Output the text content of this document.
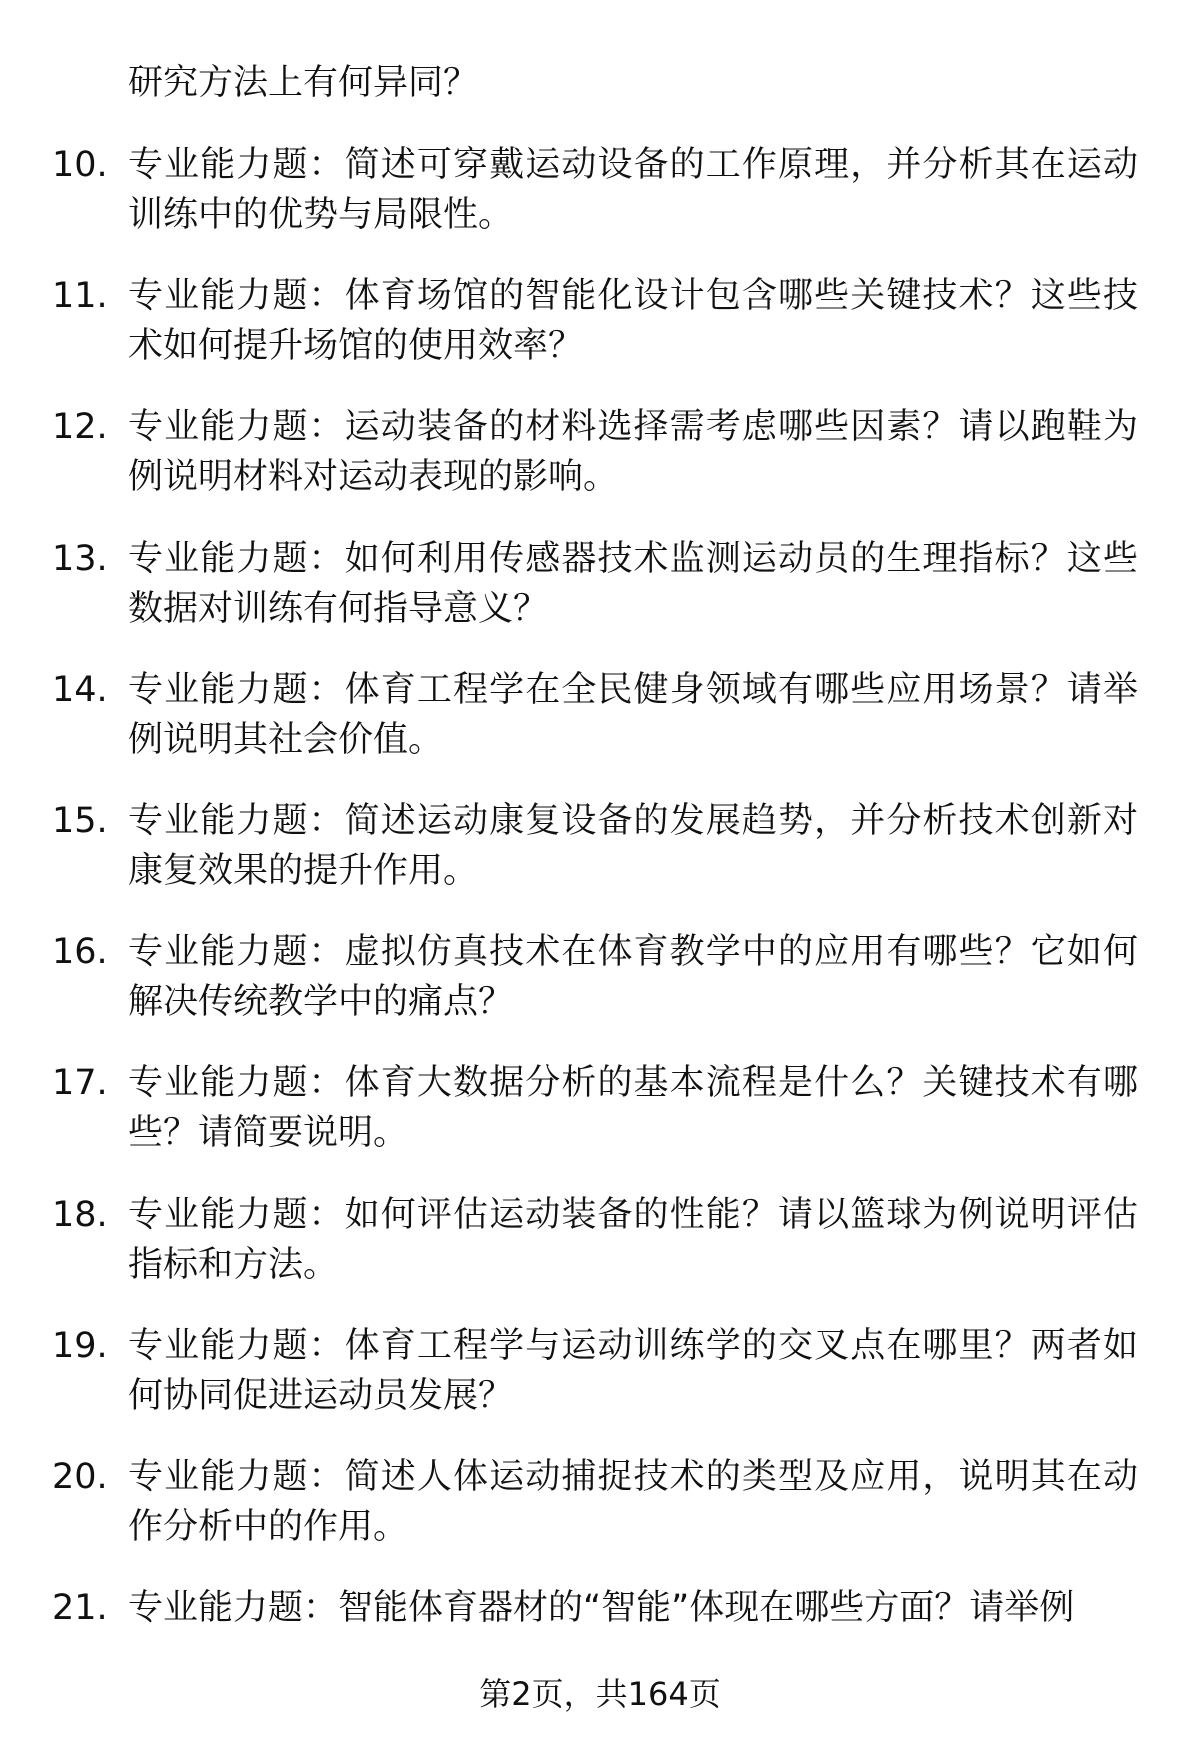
研究方法上有何异同？
10. 专业能力题：简述可穿戴运动设备的工作原理，并分析其在运动训练中的优势与局限性。
11. 专业能力题：体育场馆的智能化设计包含哪些关键技术？这些技术如何提升场馆的使用效率？
12. 专业能力题：运动装备的材料选择需考虑哪些因素？请以跑鞋为例说明材料对运动表现的影响。
13. 专业能力题：如何利用传感器技术监测运动员的生理指标？这些数据对训练有何指导意义？
14. 专业能力题：体育工程学在全民健身领域有哪些应用场景？请举例说明其社会价值。
15. 专业能力题：简述运动康复设备的发展趋势，并分析技术创新对康复效果的提升作用。
16. 专业能力题：虚拟仿真技术在体育教学中的应用有哪些？它如何解决传统教学中的痛点？
17. 专业能力题：体育大数据分析的基本流程是什么？关键技术有哪些？请简要说明。
18. 专业能力题：如何评估运动装备的性能？请以篮球为例说明评估指标和方法。
19. 专业能力题：体育工程学与运动训练学的交叉点在哪里？两者如何协同促进运动员发展？
20. 专业能力题：简述人体运动捕捉技术的类型及应用，说明其在动作分析中的作用。
21. 专业能力题：智能体育器材的“智能”体现在哪些方面？请举例
第2页，共164页
